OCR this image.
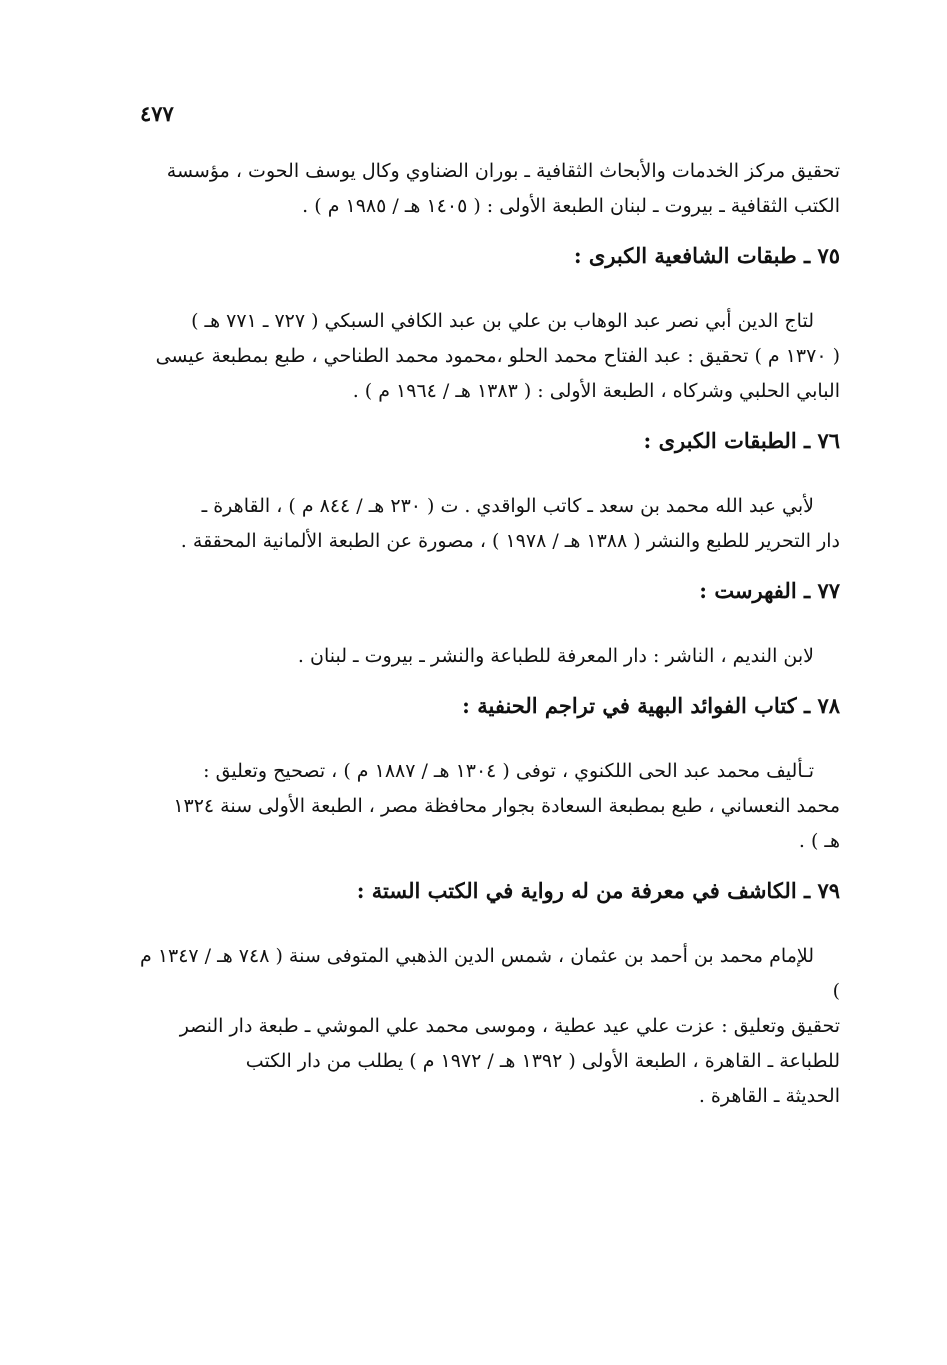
٤٧٧

تحقيق مركز الخدمات والأبحاث الثقافية ـ بوران الضناوي وكال يوسف الحوت ، مؤسسة

الكتب الثقافية ـ بيروت ـ لبنان الطبعة الأولى : ( ١٤٠٥ هـ / ١٩٨٥ م ) .

٧٥ ـ طبقات الشافعية الكبرى :

لتاج الدين أبي نصر عبد الوهاب بن علي بن عبد الكافي السبكي ( ٧٢٧ ـ ٧٧١ هـ )

( ١٣٧٠ م ) تحقيق : عبد الفتاح محمد الحلو ،محمود محمد الطناحي ، طبع بمطبعة عيسى

البابي الحلبي وشركاه ، الطبعة الأولى : ( ١٣٨٣ هـ / ١٩٦٤ م ) .

٧٦ ـ الطبقات الكبرى :

لأبي عبد الله محمد بن سعد ـ كاتب الواقدي . ت ( ٢٣٠ هـ / ٨٤٤ م ) ، القاهرة ـ

دار التحرير للطبع والنشر ( ١٣٨٨ هـ / ١٩٧٨ ) ، مصورة عن الطبعة الألمانية المحققة .

٧٧ ـ الفهرست :

لابن النديم ، الناشر : دار المعرفة للطباعة والنشر ـ بيروت ـ لبنان .

٧٨ ـ كتاب الفوائد البهية في تراجم الحنفية :

تـأليف محمد عبد الحى اللكنوي ، توفى ( ١٣٠٤ هـ / ١٨٨٧ م ) ، تصحيح وتعليق :

محمد النعساني ، طبع بمطبعة السعادة بجوار محافظة مصر ، الطبعة الأولى سنة ١٣٢٤

هـ ) .

٧٩ ـ الكاشف في معرفة من له رواية في الكتب الستة :

للإمام محمد بن أحمد بن عثمان ، شمس الدين الذهبي المتوفى سنة ( ٧٤٨ هـ / ١٣٤٧ م )

تحقيق وتعليق : عزت علي عيد عطية ، وموسى محمد علي الموشي ـ طبعة دار النصر

للطباعة ـ القاهرة ، الطبعة الأولى ( ١٣٩٢ هـ / ١٩٧٢ م ) يطلب من دار الكتب

الحديثة ـ القاهرة .
